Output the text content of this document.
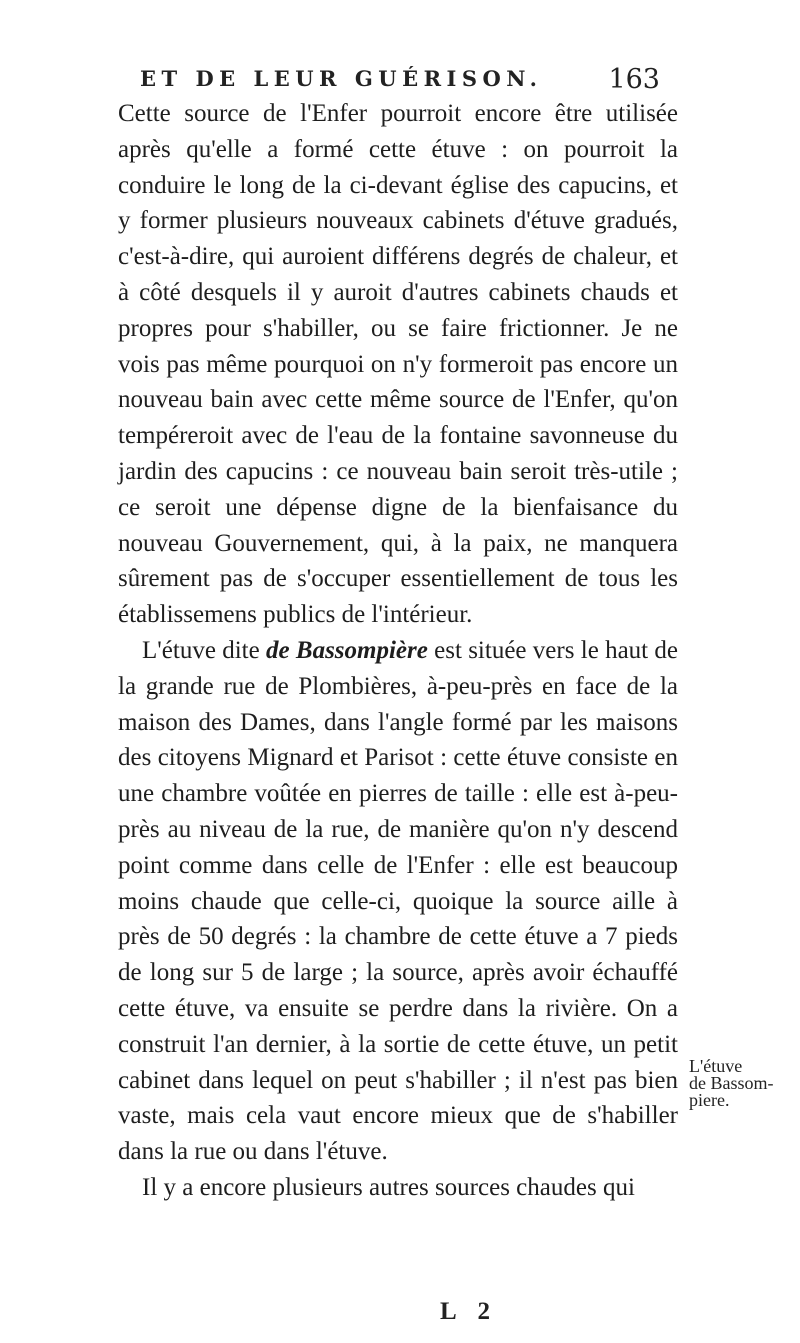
ET DE LEUR GUÉRISON. 163

Cette source de l'Enfer pourroit encore être utilisée après qu'elle a formé cette étuve : on pourroit la conduire le long de la ci-devant église des capucins, et y former plusieurs nouveaux cabinets d'étuve gradués, c'est-à-dire, qui auroient différens degrés de chaleur, et à côté desquels il y auroit d'autres cabinets chauds et propres pour s'habiller, ou se faire frictionner. Je ne vois pas même pourquoi on n'y formeroit pas encore un nouveau bain avec cette même source de l'Enfer, qu'on tempéreroit avec de l'eau de la fontaine savonneuse du jardin des capucins : ce nouveau bain seroit très-utile ; ce seroit une dépense digne de la bienfaisance du nouveau Gouvernement, qui, à la paix, ne manquera sûrement pas de s'occuper essentiellement de tous les établissemens publics de l'intérieur.

L'étuve dite de Bassompière est située vers le haut de la grande rue de Plombières, à-peu-près en face de la maison des Dames, dans l'angle formé par les maisons des citoyens Mignard et Parisot : cette étuve consiste en une chambre voûtée en pierres de taille : elle est à-peu-près au niveau de la rue, de manière qu'on n'y descend point comme dans celle de l'Enfer : elle est beaucoup moins chaude que celle-ci, quoique la source aille à près de 50 degrés : la chambre de cette étuve a 7 pieds de long sur 5 de large ; la source, après avoir échauffé cette étuve, va ensuite se perdre dans la rivière. On a construit l'an dernier, à la sortie de cette étuve, un petit cabinet dans lequel on peut s'habiller ; il n'est pas bien vaste, mais cela vaut encore mieux que de s'habiller dans la rue ou dans l'étuve.

Il y a encore plusieurs autres sources chaudes qui

L'étuve
de Bassom-
piere.
L 2
